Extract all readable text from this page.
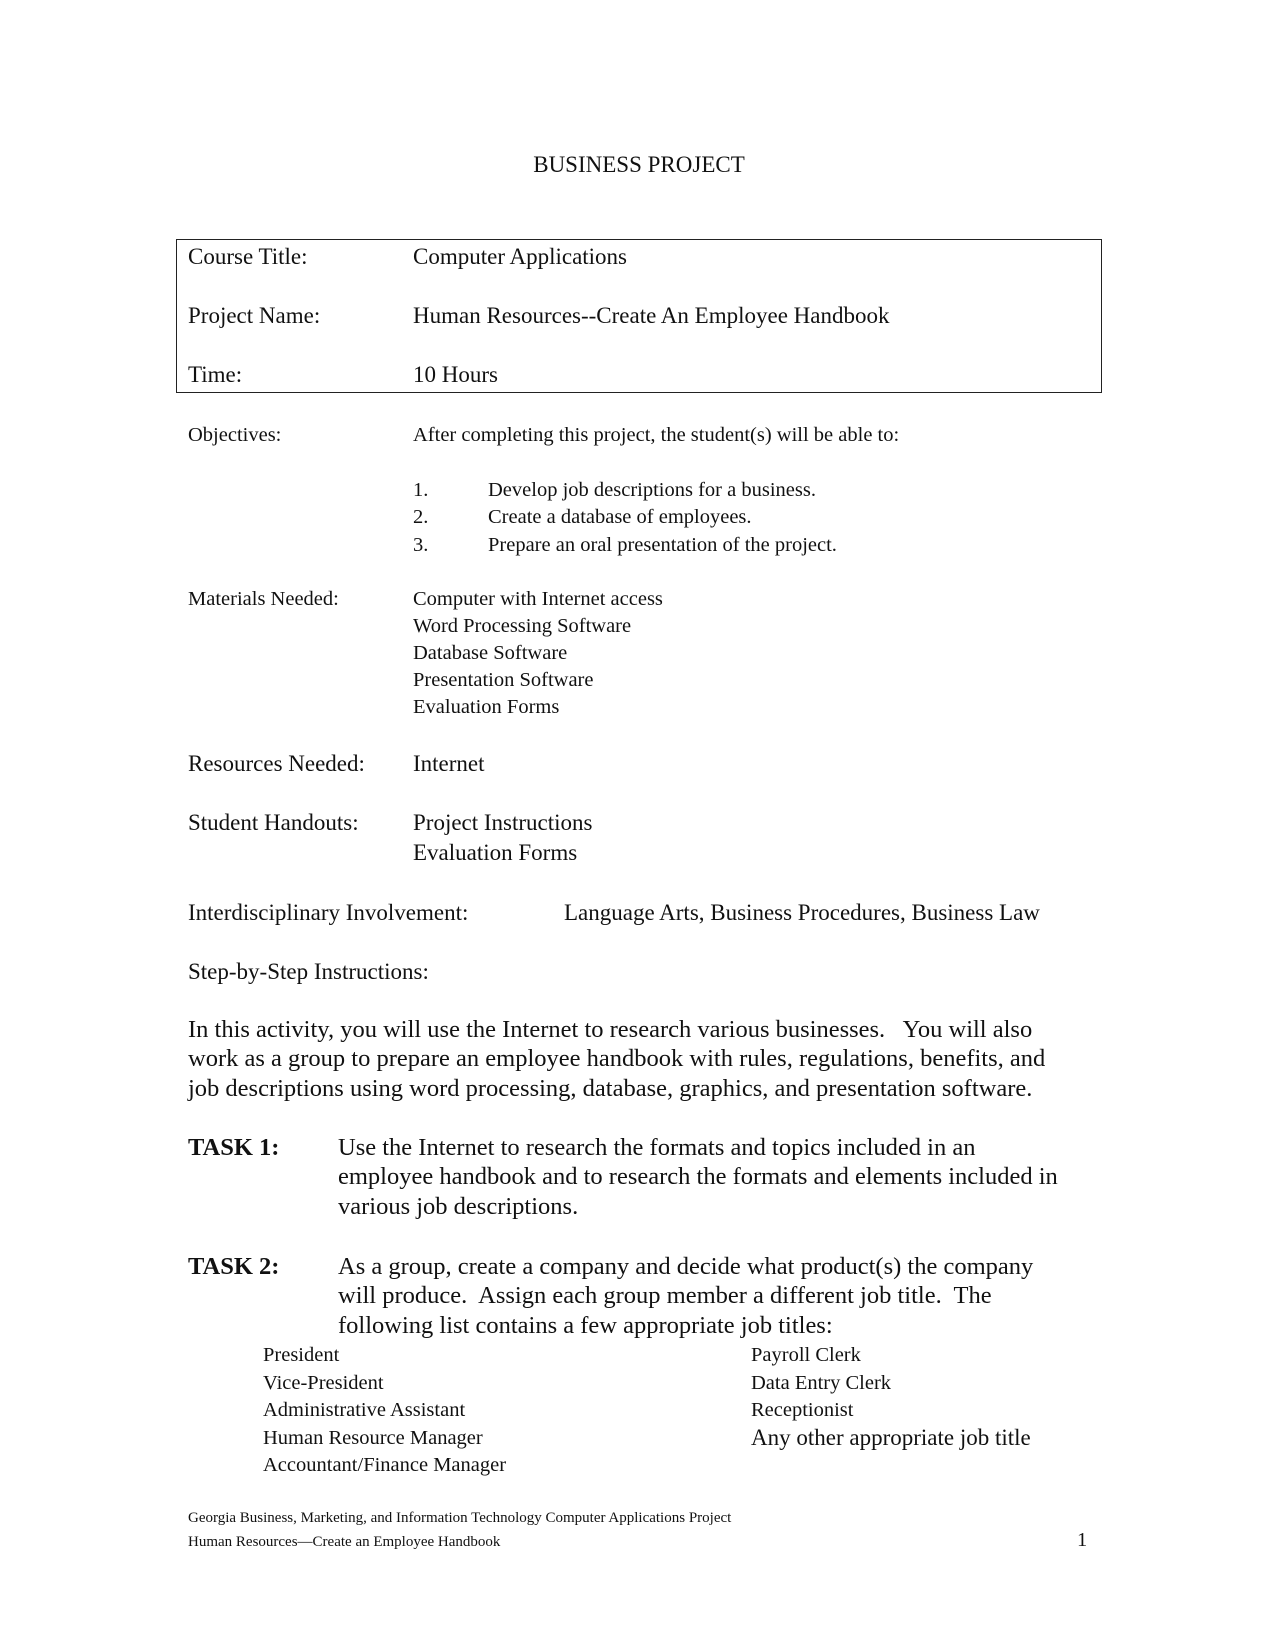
BUSINESS PROJECT
Course Title:	Computer Applications
Project Name:	Human Resources--Create An Employee Handbook
Time:	10 Hours
Objectives:	After completing this project, the student(s) will be able to:
1.	Develop job descriptions for a business.
2.	Create a database of employees.
3.	Prepare an oral presentation of the project.
Materials Needed:	Computer with Internet access
Word Processing Software
Database Software
Presentation Software
Evaluation Forms
Resources Needed: Internet
Student Handouts: Project Instructions
Evaluation Forms
Interdisciplinary Involvement:	Language Arts, Business Procedures, Business Law
Step-by-Step Instructions:
In this activity, you will use the Internet to research various businesses.   You will also
work as a group to prepare an employee handbook with rules, regulations, benefits, and
job descriptions using word processing, database, graphics, and presentation software.
TASK 1: Use the Internet to research the formats and topics included in an
employee handbook and to research the formats and elements included in
various job descriptions.
TASK 2: As a group, create a company and decide what product(s) the company
will produce.  Assign each group member a different job title.  The
following list contains a few appropriate job titles:
President
Vice-President
Administrative Assistant
Human Resource Manager
Accountant/Finance Manager
Payroll Clerk
Data Entry Clerk
Receptionist
Any other appropriate job title
Georgia Business, Marketing, and Information Technology Computer Applications Project
Human Resources—Create an Employee Handbook	1
